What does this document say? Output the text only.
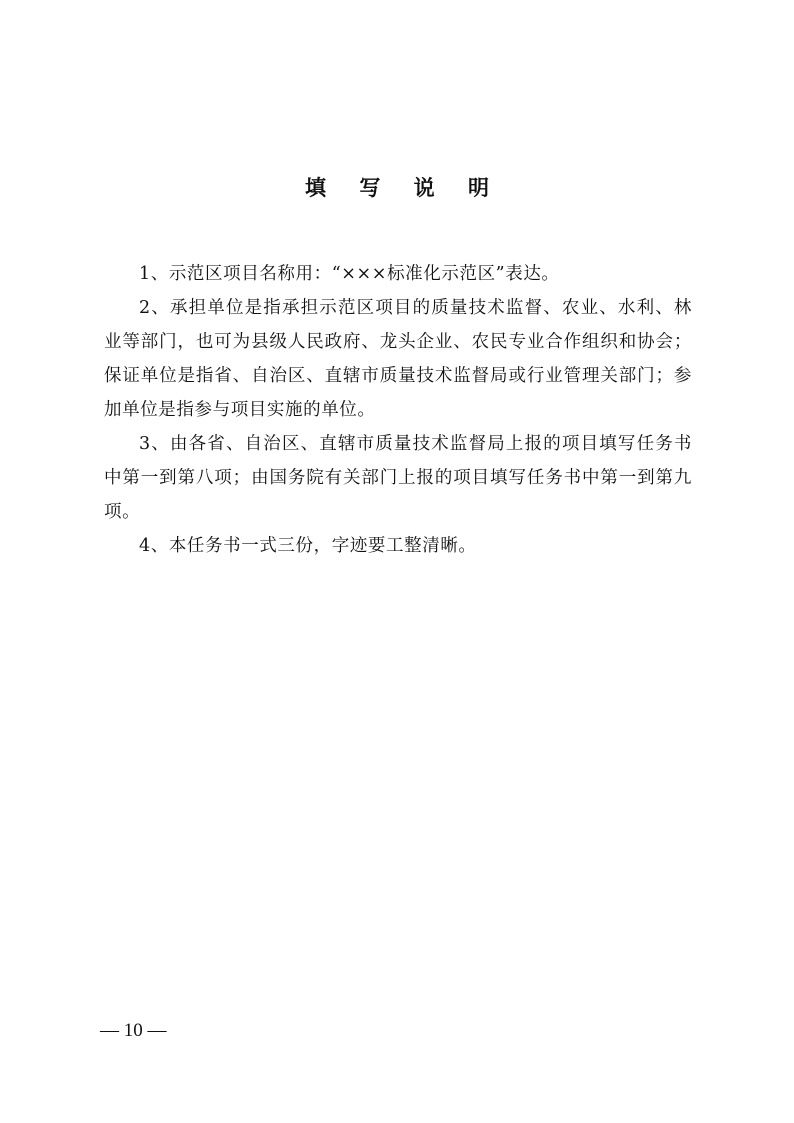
填 写 说 明

1、示范区项目名称用：“×××标准化示范区”表达。

2、承担单位是指承担示范区项目的质量技术监督、农业、水利、林业等部门，也可为县级人民政府、龙头企业、农民专业合作组织和协会；保证单位是指省、自治区、直辖市质量技术监督局或行业管理关部门；参加单位是指参与项目实施的单位。

3、由各省、自治区、直辖市质量技术监督局上报的项目填写任务书中第一到第八项；由国务院有关部门上报的项目填写任务书中第一到第九项。

4、本任务书一式三份，字迹要工整清晰。

— 10 —
